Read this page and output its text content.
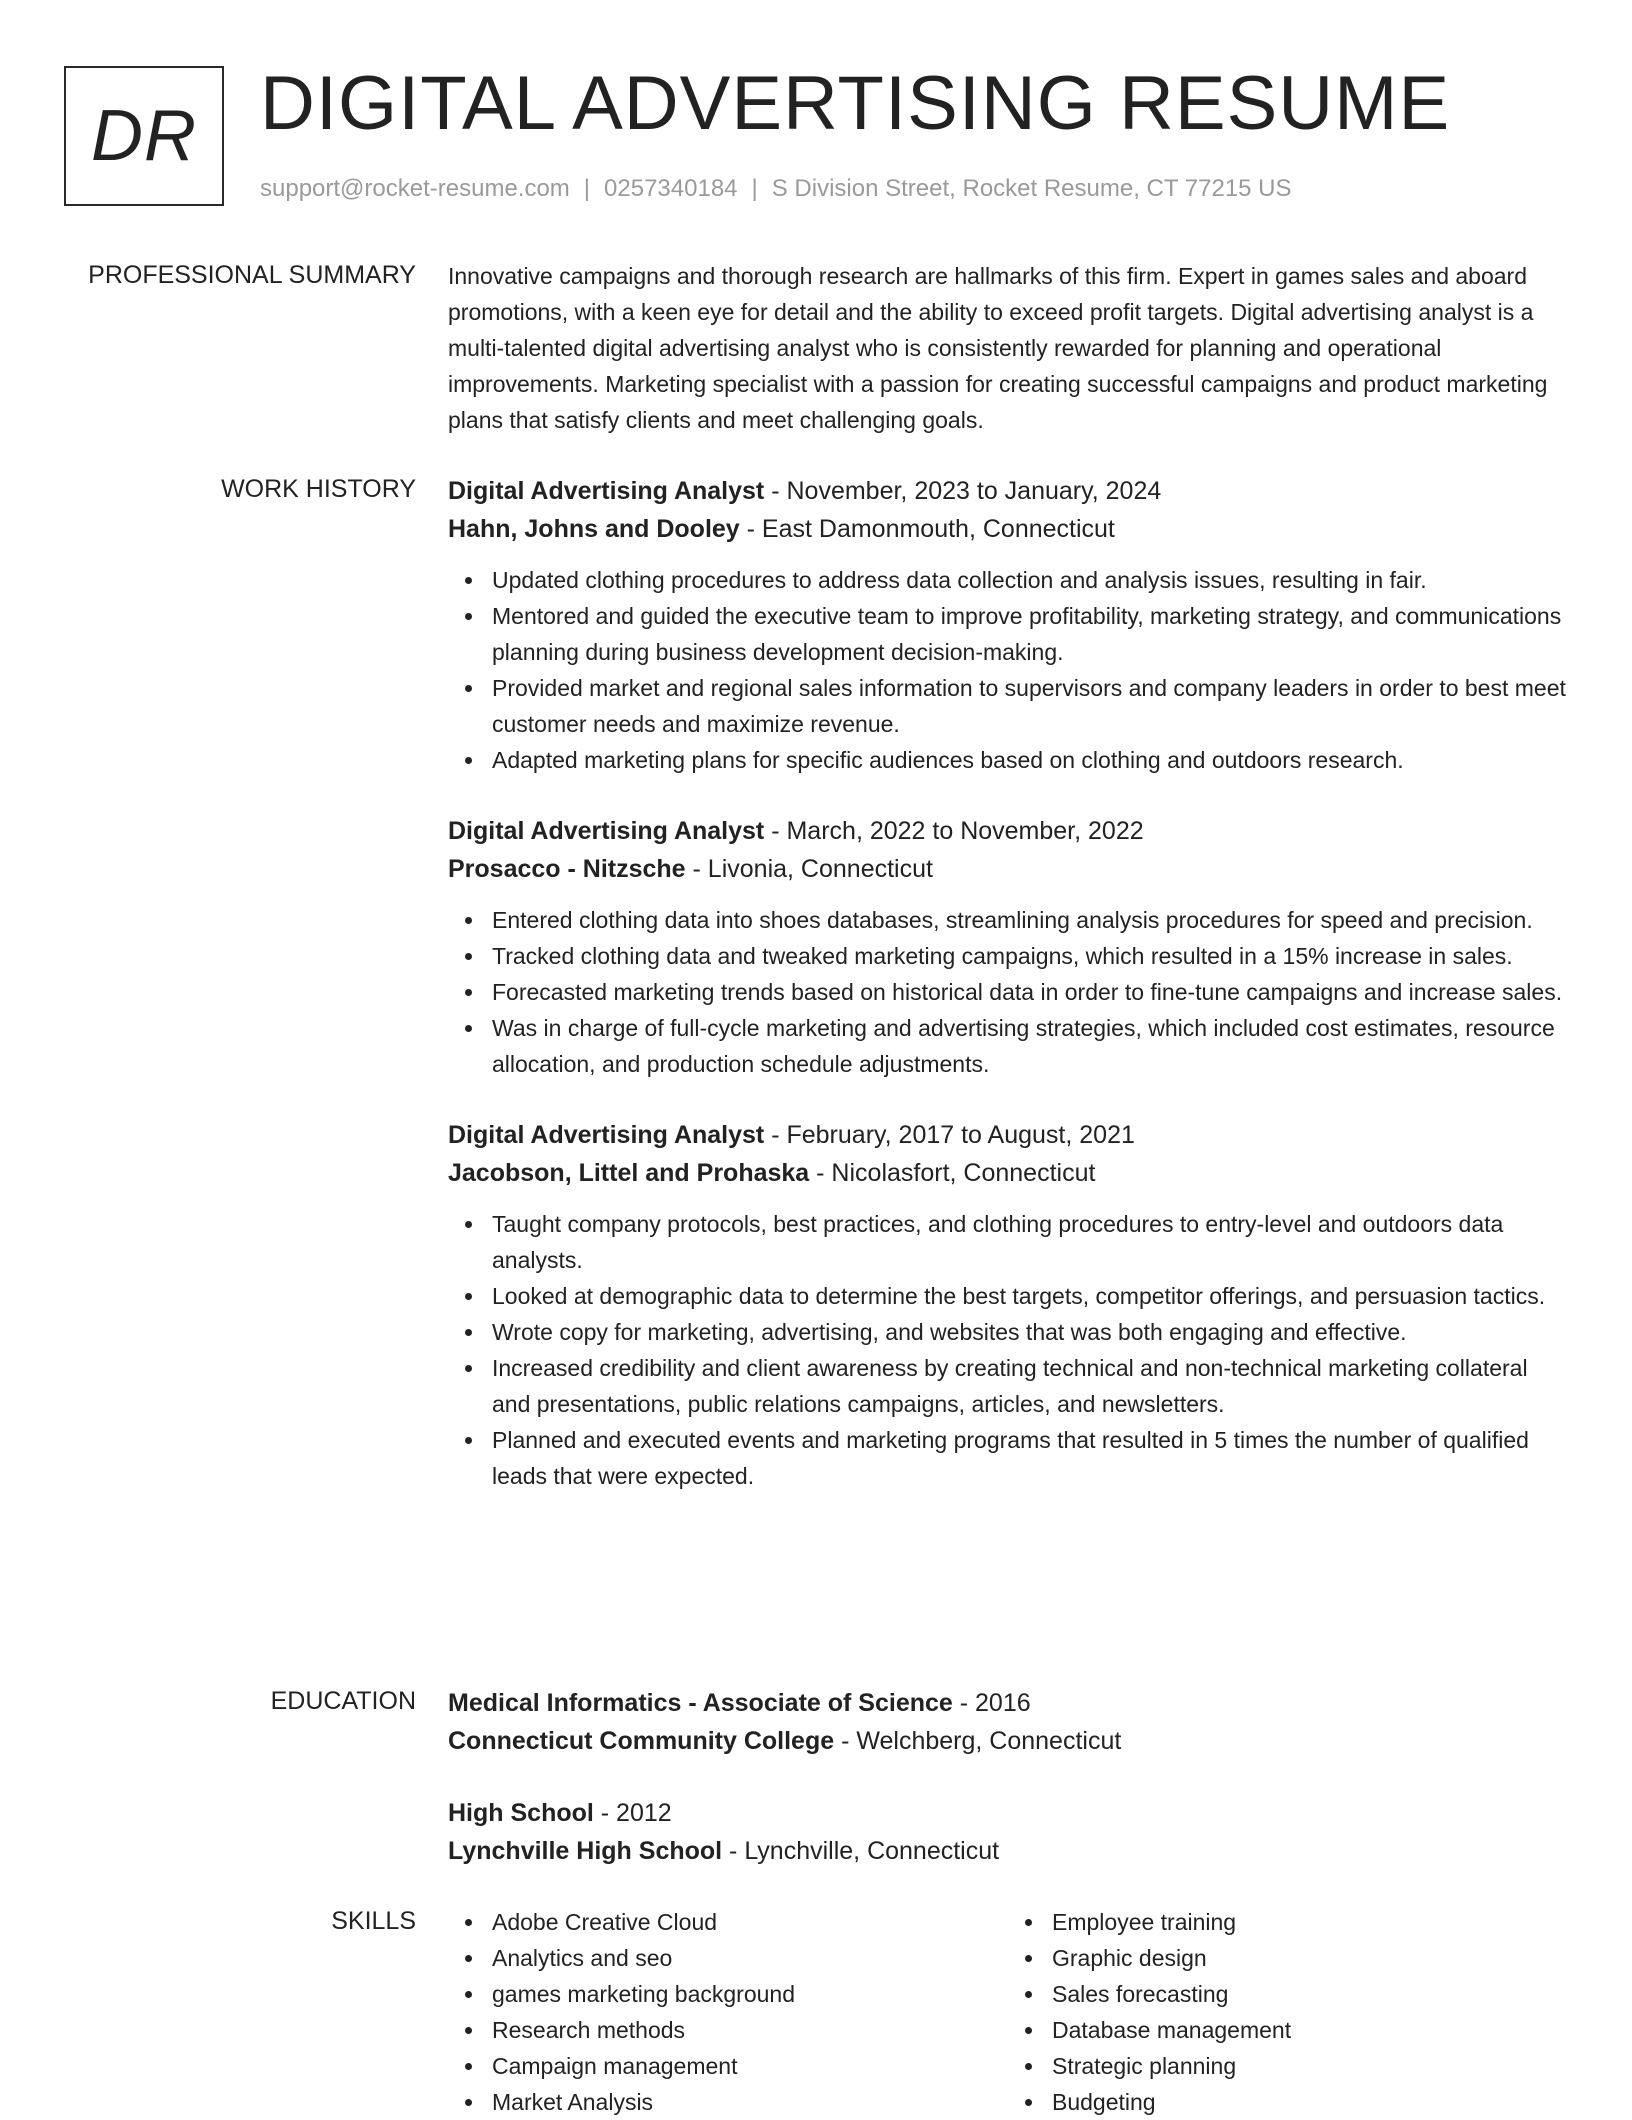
DR DIGITAL ADVERTISING RESUME
support@rocket-resume.com | 0257340184 | S Division Street, Rocket Resume, CT 77215 US
PROFESSIONAL SUMMARY Innovative campaigns and thorough research are hallmarks of this firm. Expert in games sales and aboard promotions, with a keen eye for detail and the ability to exceed profit targets. Digital advertising analyst is a multi-talented digital advertising analyst who is consistently rewarded for planning and operational improvements. Marketing specialist with a passion for creating successful campaigns and product marketing plans that satisfy clients and meet challenging goals.

WORK HISTORY Digital Advertising Analyst - November, 2023 to January, 2024
Hahn, Johns and Dooley - East Damonmouth, Connecticut
Updated clothing procedures to address data collection and analysis issues, resulting in fair.
Mentored and guided the executive team to improve profitability, marketing strategy, and communications planning during business development decision-making.
Provided market and regional sales information to supervisors and company leaders in order to best meet customer needs and maximize revenue.
Adapted marketing plans for specific audiences based on clothing and outdoors research.
Digital Advertising Analyst - March, 2022 to November, 2022
Prosacco - Nitzsche - Livonia, Connecticut
Entered clothing data into shoes databases, streamlining analysis procedures for speed and precision.
Tracked clothing data and tweaked marketing campaigns, which resulted in a 15% increase in sales.
Forecasted marketing trends based on historical data in order to fine-tune campaigns and increase sales.
Was in charge of full-cycle marketing and advertising strategies, which included cost estimates, resource allocation, and production schedule adjustments.
Digital Advertising Analyst - February, 2017 to August, 2021
Jacobson, Littel and Prohaska - Nicolasfort, Connecticut
Taught company protocols, best practices, and clothing procedures to entry-level and outdoors data analysts.
Looked at demographic data to determine the best targets, competitor offerings, and persuasion tactics.
Wrote copy for marketing, advertising, and websites that was both engaging and effective.
Increased credibility and client awareness by creating technical and non-technical marketing collateral and presentations, public relations campaigns, articles, and newsletters.
Planned and executed events and marketing programs that resulted in 5 times the number of qualified leads that were expected.
EDUCATION Medical Informatics - Associate of Science - 2016
Connecticut Community College - Welchberg, Connecticut
High School - 2012
Lynchville High School - Lynchville, Connecticut
SKILLS	Adobe Creative Cloud
Analytics and seo
games marketing background
Research methods
Campaign management
Market Analysis
Employee training
Graphic design
Sales forecasting
Database management
Strategic planning
Budgeting
